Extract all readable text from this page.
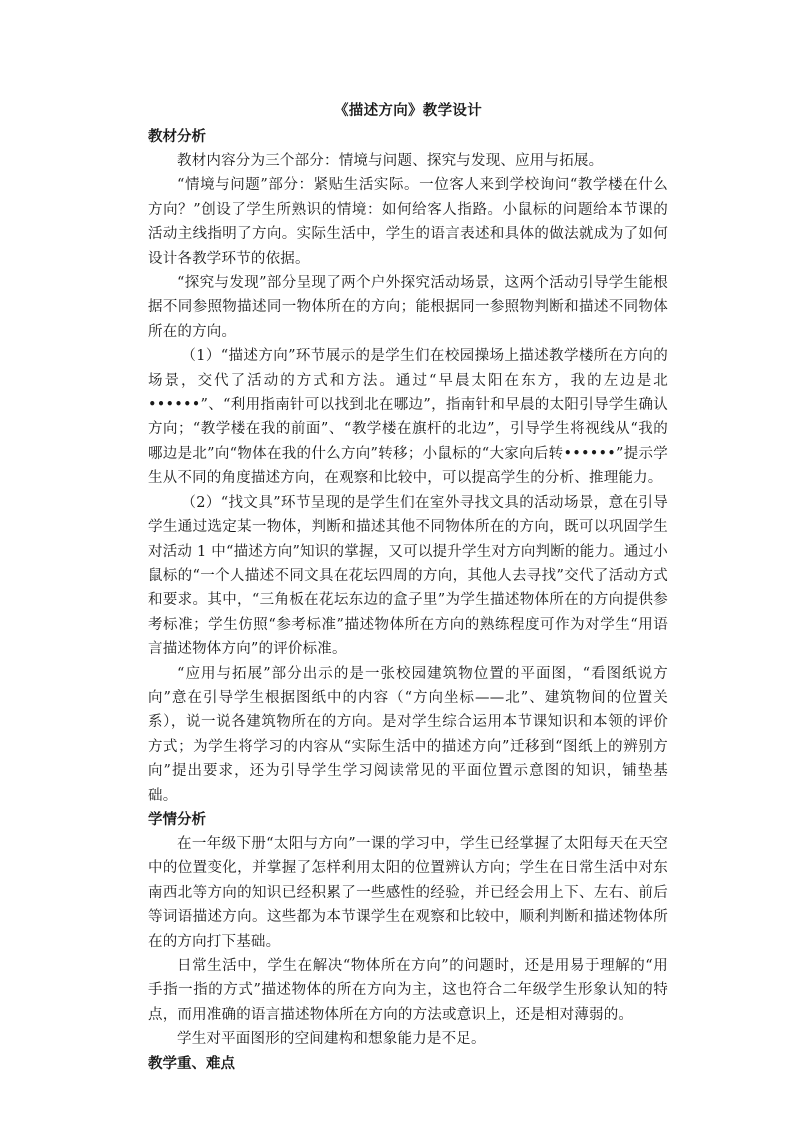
《描述方向》教学设计

教材分析

教材内容分为三个部分：情境与问题、探究与发现、应用与拓展。

“情境与问题”部分：紧贴生活实际。一位客人来到学校询问“教学楼在什么方向？”创设了学生所熟识的情境：如何给客人指路。小鼠标的问题给本节课的活动主线指明了方向。实际生活中，学生的语言表述和具体的做法就成为了如何设计各教学环节的依据。

“探究与发现”部分呈现了两个户外探究活动场景，这两个活动引导学生能根据不同参照物描述同一物体所在的方向；能根据同一参照物判断和描述不同物体所在的方向。

（1）“描述方向”环节展示的是学生们在校园操场上描述教学楼所在方向的场景，交代了活动的方式和方法。通过“早晨太阳在东方，我的左边是北••••••”、“利用指南针可以找到北在哪边”，指南针和早晨的太阳引导学生确认方向；“教学楼在我的前面”、“教学楼在旗杆的北边”，引导学生将视线从“我的哪边是北”向“物体在我的什么方向”转移；小鼠标的“大家向后转••••••”提示学生从不同的角度描述方向，在观察和比较中，可以提高学生的分析、推理能力。

（2）“找文具”环节呈现的是学生们在室外寻找文具的活动场景，意在引导学生通过选定某一物体，判断和描述其他不同物体所在的方向，既可以巩固学生对活动 1 中“描述方向”知识的掌握，又可以提升学生对方向判断的能力。通过小鼠标的“一个人描述不同文具在花坛四周的方向，其他人去寻找”交代了活动方式和要求。其中，“三角板在花坛东边的盒子里”为学生描述物体所在的方向提供参考标准；学生仿照“参考标准”描述物体所在方向的熟练程度可作为对学生“用语言描述物体方向”的评价标准。

“应用与拓展”部分出示的是一张校园建筑物位置的平面图，“看图纸说方向”意在引导学生根据图纸中的内容（“方向坐标——北”、建筑物间的位置关系），说一说各建筑物所在的方向。是对学生综合运用本节课知识和本领的评价方式；为学生将学习的内容从“实际生活中的描述方向”迁移到“图纸上的辨别方向”提出要求，还为引导学生学习阅读常见的平面位置示意图的知识，铺垫基础。

学情分析

在一年级下册“太阳与方向”一课的学习中，学生已经掌握了太阳每天在天空中的位置变化，并掌握了怎样利用太阳的位置辨认方向；学生在日常生活中对东南西北等方向的知识已经积累了一些感性的经验，并已经会用上下、左右、前后等词语描述方向。这些都为本节课学生在观察和比较中，顺利判断和描述物体所在的方向打下基础。

日常生活中，学生在解决“物体所在方向”的问题时，还是用易于理解的“用手指一指的方式”描述物体的所在方向为主，这也符合二年级学生形象认知的特点，而用准确的语言描述物体所在方向的方法或意识上，还是相对薄弱的。

学生对平面图形的空间建构和想象能力是不足。

教学重、难点
